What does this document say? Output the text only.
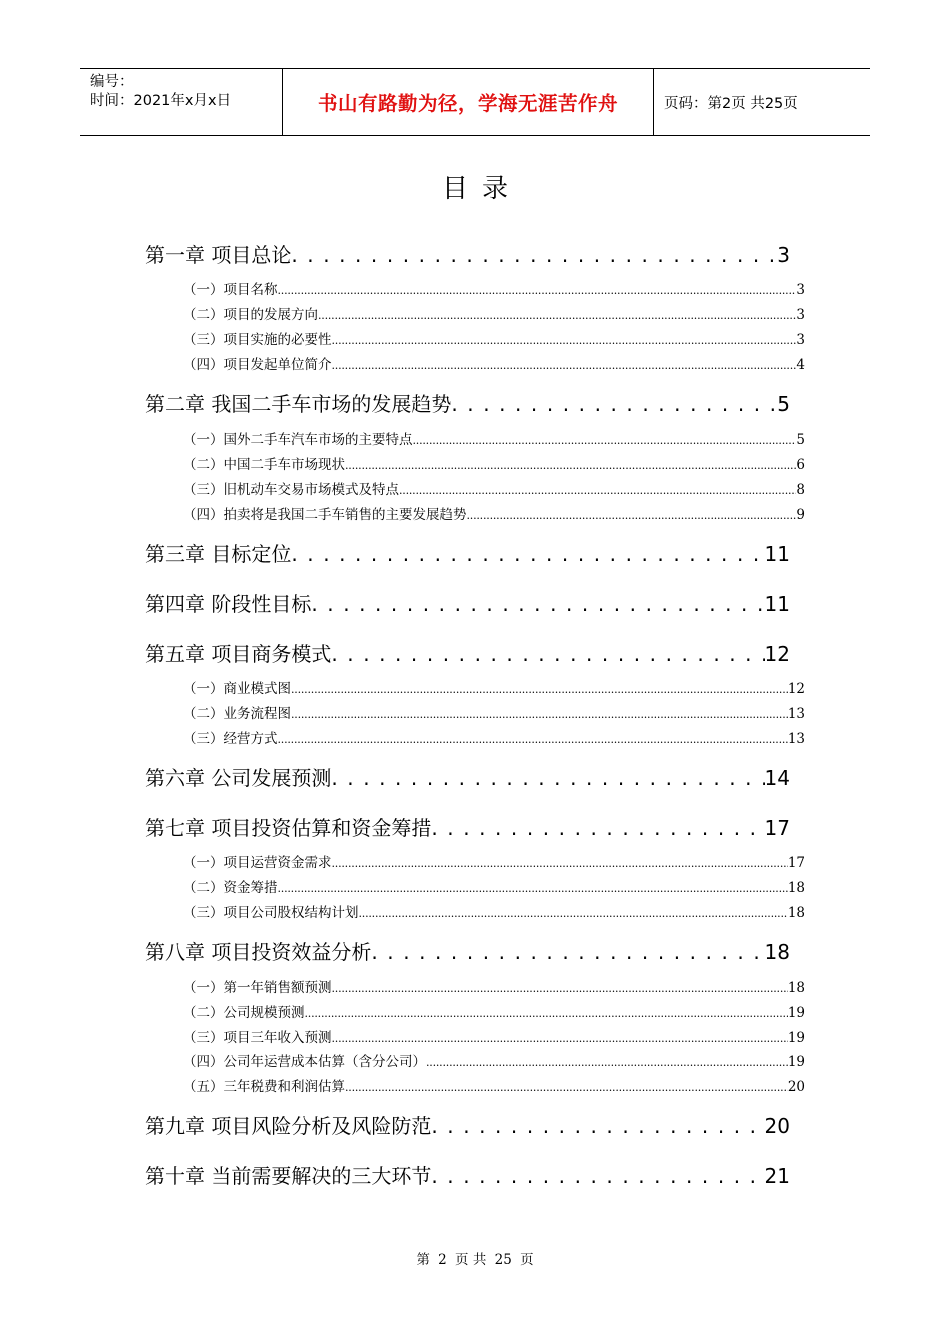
编号：
时间：2021年x月x日	书山有路勤为径，学海无涯苦作舟	页码：第2页 共25页
目录
第一章 项目总论 . . .	3
（一）项目名称 .....	3
（二）项目的发展方向 .....	3
（三）项目实施的必要性 .....	3
（四）项目发起单位简介 .....	4
第二章 我国二手车市场的发展趋势 . . .	5
（一）国外二手车汽车市场的主要特点 .....	5
（二）中国二手车市场现状 .....	6
（三）旧机动车交易市场模式及特点 .....	8
（四）拍卖将是我国二手车销售的主要发展趋势 .....	9
第三章 目标定位 . . .	11
第四章 阶段性目标 . . .	11
第五章 项目商务模式 . . .	12
（一）商业模式图 .....	12
（二）业务流程图 .....	13
（三）经营方式 .....	13
第六章 公司发展预测 . . .	14
第七章 项目投资估算和资金筹措 . . .	17
（一）项目运营资金需求 .....	17
（二）资金筹措 .....	18
（三）项目公司股权结构计划 .....	18
第八章 项目投资效益分析 . . .	18
（一）第一年销售额预测 .....	18
（二）公司规模预测 .....	19
（三）项目三年收入预测 .....	19
（四）公司年运营成本估算（含分公司） .....	19
（五）三年税费和利润估算 .....	20
第九章 项目风险分析及风险防范 . . .	20
第十章 当前需要解决的三大环节 . . .	21
第 2 页 共 25 页
